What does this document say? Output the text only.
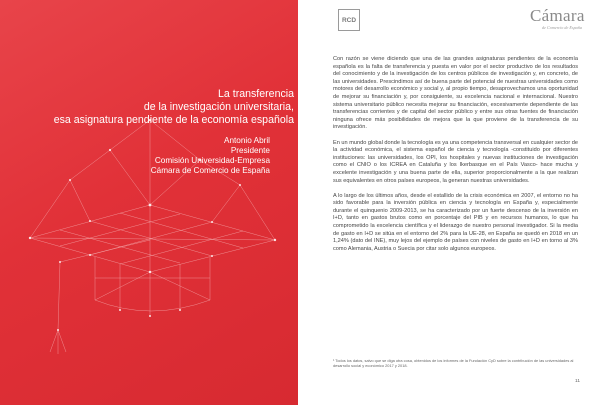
La transferencia
de la investigación universitaria,
esa asignatura pendiente de la economía española
Antonio Abril
Presidente
Comisión Universidad-Empresa
Cámara de Comercio de España
RCD	Cámara
de Comercio de España

Con razón se viene diciendo que una de las grandes asignaturas pendientes de la economía española es la falta de transferencia y puesta en valor por el sector productivo de los resultados del conocimiento y de la investigación de los centros públicos de investigación y, en concreto, de las universidades. Prescindimos así de buena parte del potencial de nuestras universidades como motores del desarrollo económico y social y, al propio tiempo, desaprovechamos una oportunidad de mejorar su financiación y, por consiguiente, su excelencia nacional e internacional. Nuestro sistema universitario público necesita mejorar su financiación, excesivamente dependiente de las transferencias corrientes y de capital del sector público y entre sus otras fuentes de financiación ninguna ofrece más posibilidades de mejora que la que proviene de la transferencia de su investigación.

En un mundo global donde la tecnología es ya una competencia transversal en cualquier sector de la actividad económica, el sistema español de ciencia y tecnología -constituido por diferentes instituciones: las universidades, los OPI, los hospitales y nuevas instituciones de investigación como el CNIO o los ICREA en Cataluña y los Ikerbasque en el País Vasco- hace mucha y excelente investigación y una buena parte de ella, superior proporcionalmente a la que realizan sus equivalentes en otros países europeos, la generan nuestras universidades.

A lo largo de los últimos años, desde el estallido de la crisis económica en 2007, el entorno no ha sido favorable para la inversión pública en ciencia y tecnología en España y, especialmente durante el quinquenio 2009-2013, se ha caracterizado por un fuerte descenso de la inversión en I+D, tanto en gastos brutos como en porcentaje del PIB y en recursos humanos, lo que ha comprometido la excelencia científica y el liderazgo de nuestro personal investigador. Si la media de gasto en I+D se sitúa en el entorno del 2% para la UE-28, en España se quedó en 2018 en un 1,24% (dato del INE), muy lejos del ejemplo de países con niveles de gasto en I+D en torno al 3% como Alemania, Austria o Suecia por citar solo algunos europeos.

¹ Todos los datos, salvo que se diga otra cosa, obtenidos de los informes de la Fundación CyD sobre la contribución de las universidades al desarrollo social y económico 2017 y 2018.
11
